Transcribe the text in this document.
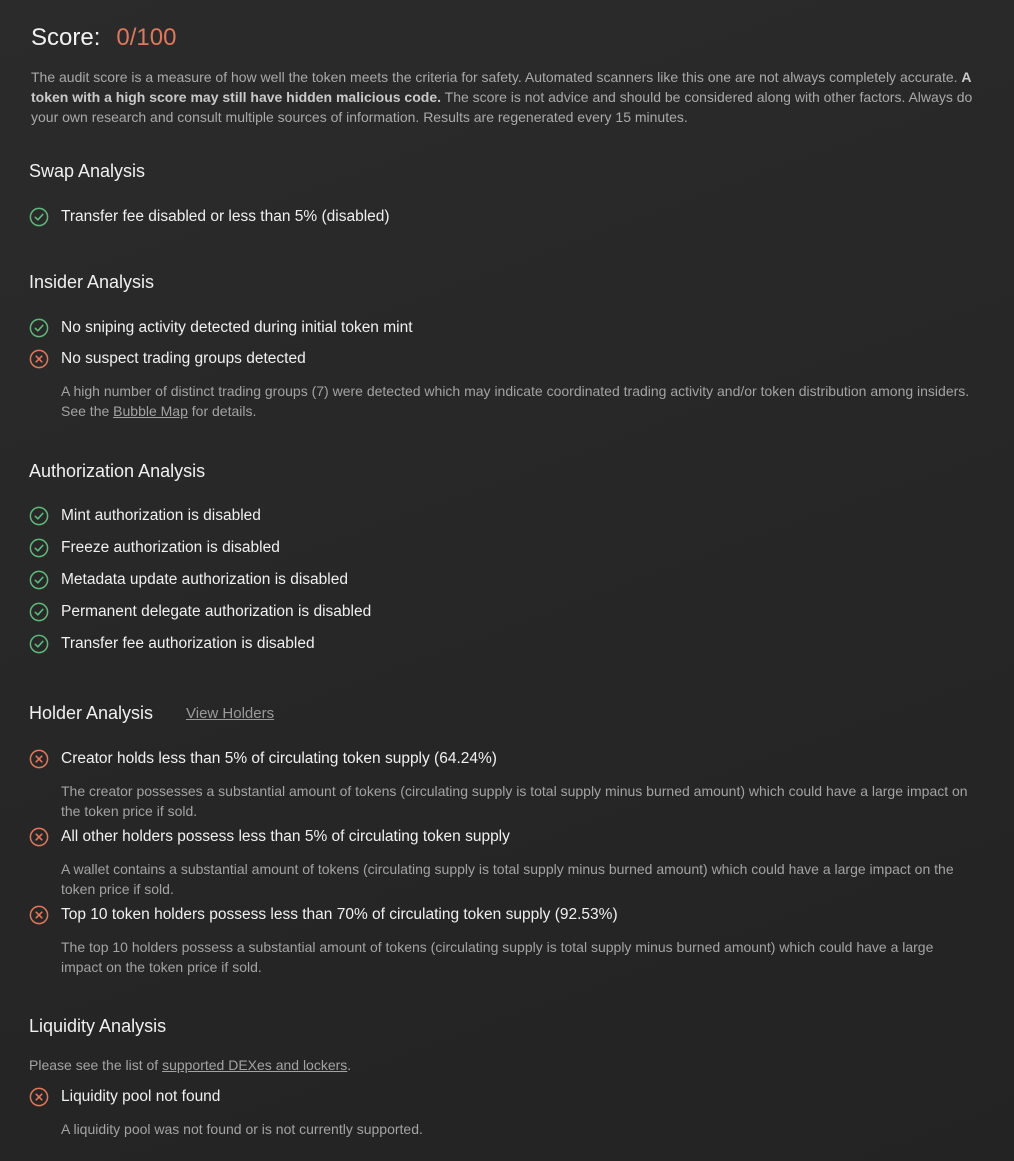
Score: 0/100
The audit score is a measure of how well the token meets the criteria for safety. Automated scanners like this one are not always completely accurate. A token with a high score may still have hidden malicious code. The score is not advice and should be considered along with other factors. Always do your own research and consult multiple sources of information. Results are regenerated every 15 minutes.
Swap Analysis
Transfer fee disabled or less than 5% (disabled)
Insider Analysis
No sniping activity detected during initial token mint
No suspect trading groups detected
A high number of distinct trading groups (7) were detected which may indicate coordinated trading activity and/or token distribution among insiders. See the Bubble Map for details.
Authorization Analysis
Mint authorization is disabled
Freeze authorization is disabled
Metadata update authorization is disabled
Permanent delegate authorization is disabled
Transfer fee authorization is disabled
Holder Analysis View Holders
Creator holds less than 5% of circulating token supply (64.24%)
The creator possesses a substantial amount of tokens (circulating supply is total supply minus burned amount) which could have a large impact on the token price if sold.
All other holders possess less than 5% of circulating token supply
A wallet contains a substantial amount of tokens (circulating supply is total supply minus burned amount) which could have a large impact on the token price if sold.
Top 10 token holders possess less than 70% of circulating token supply (92.53%)
The top 10 holders possess a substantial amount of tokens (circulating supply is total supply minus burned amount) which could have a large impact on the token price if sold.
Liquidity Analysis
Please see the list of supported DEXes and lockers.
Liquidity pool not found
A liquidity pool was not found or is not currently supported.
